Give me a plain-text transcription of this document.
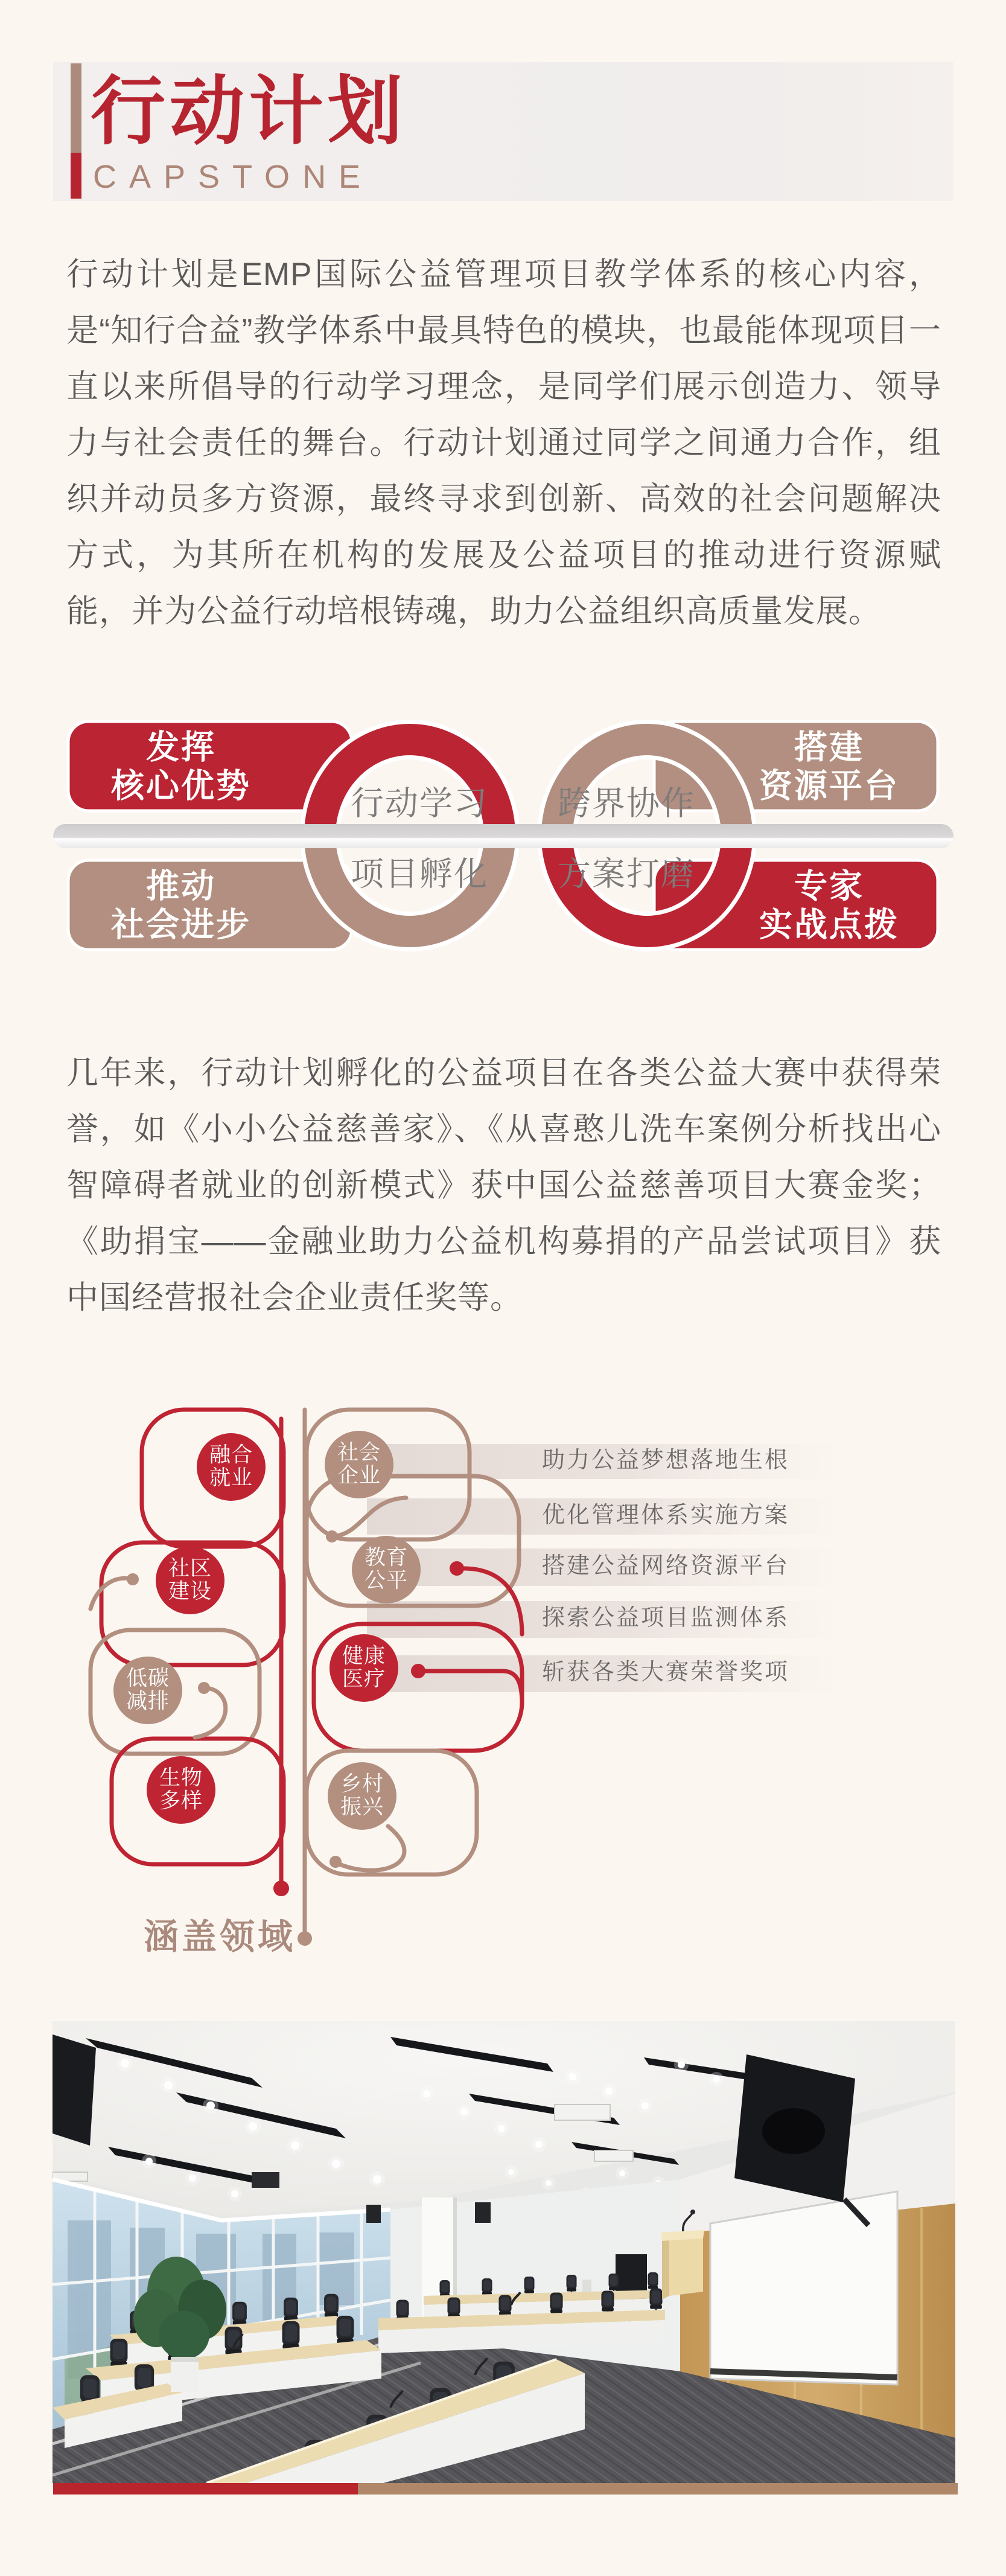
行动计划
CAPSTONE
行动计划是EMP国际公益管理项目教学体系的核心内容，是“知行合益”教学体系中最具特色的模块，也最能体现项目一直以来所倡导的行动学习理念，是同学们展示创造力、领导力与社会责任的舞台。行动计划通过同学之间通力合作，组织并动员多方资源，最终寻求到创新、高效的社会问题解决方式，为其所在机构的发展及公益项目的推动进行资源赋能，并为公益行动培根铸魂，助力公益组织高质量发展。
发挥
核心优势
搭建
资源平台
推动
社会进步
专家
实战点拨
行动学习 跨界协作
项目孵化 方案打磨
几年来，行动计划孵化的公益项目在各类公益大赛中获得荣誉，如《小小公益慈善家》、《从喜憨儿洗车案例分析找出心智障碍者就业的创新模式》获中国公益慈善项目大赛金奖；《助捐宝——金融业助力公益机构募捐的产品尝试项目》获中国经营报社会企业责任奖等。
助力公益梦想落地生根
优化管理体系实施方案
搭建公益网络资源平台
探索公益项目监测体系
斩获各类大赛荣誉奖项
融合
就业
社会
企业
社区
建设
教育
公平
低碳
减排
健康
医疗
生物
多样
乡村
振兴
涵盖领域
